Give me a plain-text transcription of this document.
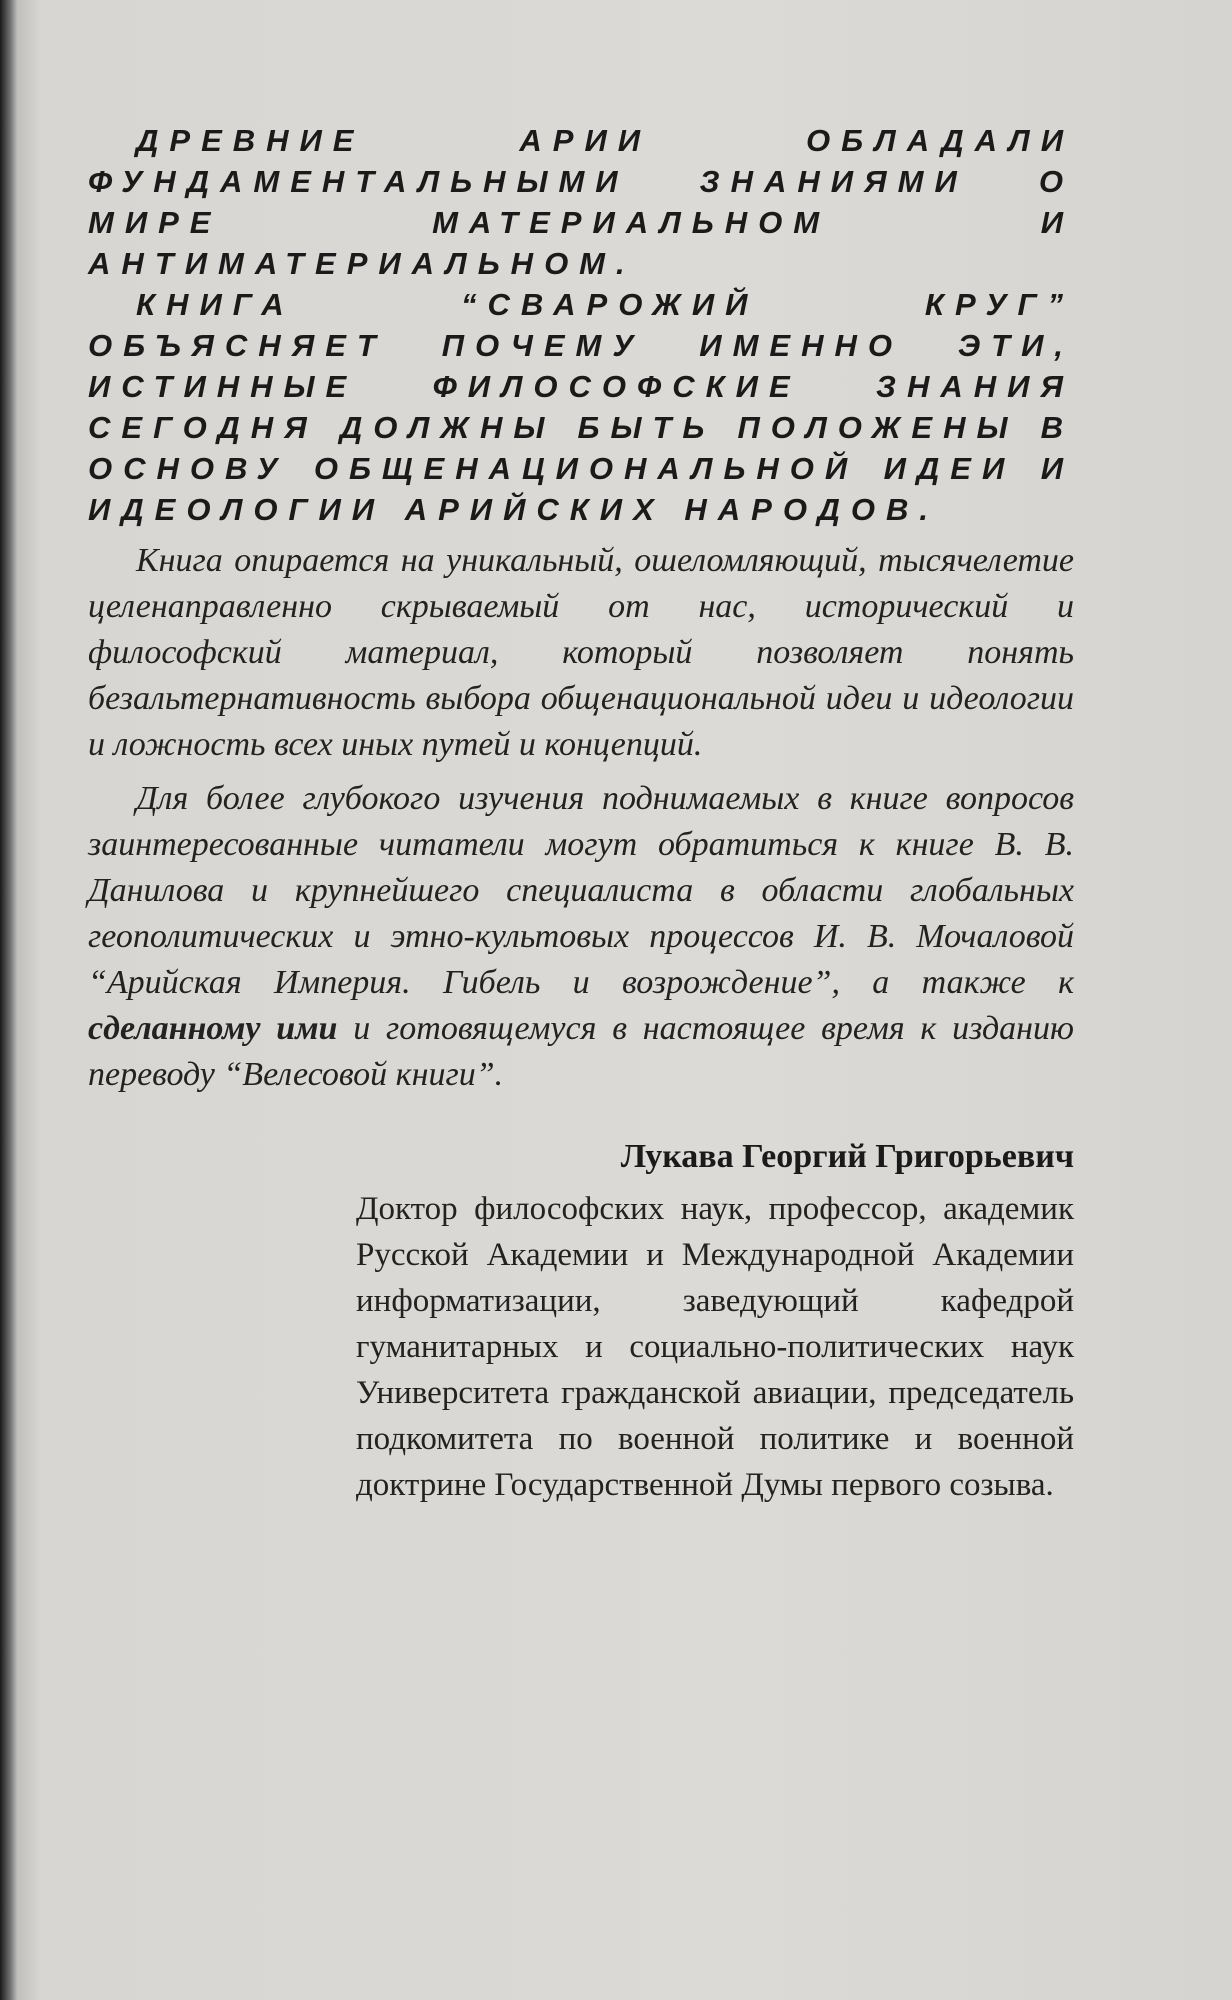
ДРЕВНИЕ АРИИ ОБЛАДАЛИ ФУНДАМЕНТАЛЬНЫМИ ЗНАНИЯМИ О МИРЕ МАТЕРИАЛЬНОМ И АНТИМАТЕРИАЛЬНОМ.

КНИГА “СВАРОЖИЙ КРУГ” ОБЪЯСНЯЕТ ПОЧЕМУ ИМЕННО ЭТИ, ИСТИННЫЕ ФИЛОСОФСКИЕ ЗНАНИЯ СЕГОДНЯ ДОЛЖНЫ БЫТЬ ПОЛОЖЕНЫ В ОСНОВУ ОБЩЕНАЦИОНАЛЬНОЙ ИДЕИ И ИДЕОЛОГИИ АРИЙСКИХ НАРОДОВ.

Книга опирается на уникальный, ошеломляющий, тысячелетие целенаправленно скрываемый от нас, исторический и философский материал, который позволяет понять безальтернативность выбора общенациональной идеи и идеологии и ложность всех иных путей и концепций.

Для более глубокого изучения поднимаемых в книге вопросов заинтересованные читатели могут обратиться к книге В. В. Данилова и крупнейшего специалиста в области глобальных геополитических и этно-культовых процессов И. В. Мочаловой “Арийская Империя. Гибель и возрождение”, а также к сделанному ими и готовящемуся в настоящее время к изданию переводу “Велесовой книги”.

Лукава Георгий Григорьевич

Доктор философских наук, профессор, академик Русской Академии и Международной Академии информатизации, заведующий кафедрой гуманитарных и социально-политических наук Университета гражданской авиации, председатель подкомитета по военной политике и военной доктрине Государственной Думы первого созыва.
